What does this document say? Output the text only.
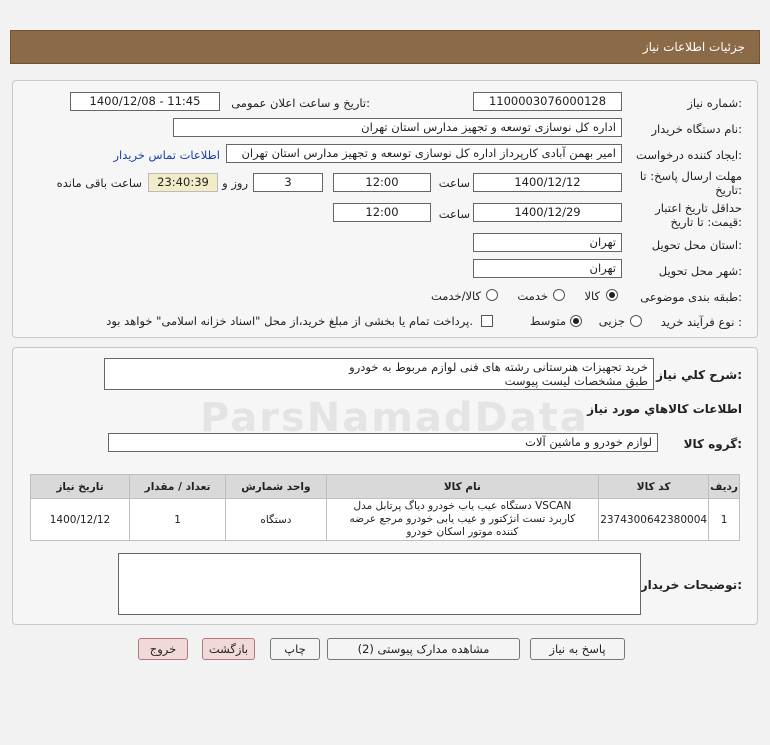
جزئیات اطلاعات نیاز
شماره نیاز:
1100003076000128
تاریخ و ساعت اعلان عمومی:
1400/12/08 - 11:45
نام دستگاه خریدار:
اداره کل نوسازی توسعه و تجهیز مدارس استان تهران
ایجاد کننده درخواست:
امیر بهمن آبادی کارپرداز اداره کل نوسازی توسعه و تجهیز مدارس استان تهران
اطلاعات تماس خریدار
مهلت ارسال پاسخ: تا
تاریخ:
1400/12/12
ساعت
12:00
3
روز و
23:40:39
ساعت باقی مانده
حداقل تاریخ اعتبار
قیمت: تا تاریخ:
1400/12/29
ساعت
12:00
استان محل تحویل:
تهران
شهر محل تحویل:
تهران
طبقه بندی موضوعی:
کالا
خدمت
کالا/خدمت
نوع فرآیند خرید :
جزیی
متوسط
پرداخت تمام یا بخشی از مبلغ خرید،از محل "اسناد خزانه اسلامی" خواهد بود.
شرح کلي نياز:
خرید تجهیزات هنرستانی رشته های فنی لوازم مربوط به خودرو
طبق مشخصات لیست پیوست
اطلاعات کالاهاي مورد نياز
گروه کالا:
لوازم خودرو و ماشین آلات
تاریخ نیاز	تعداد / مقدار	واحد شمارش	نام کالا	کد کالا	ردیف
1400/12/12	1	دستگاه	دستگاه عیب یاب خودرو دیاگ پرتابل مدل VSCAN کاربرد تست انژکتور و عیب یابی خودرو مرجع عرضه کننده موتور اسکان خودرو	2374300642380004	1
توضیحات خریدار:
پاسخ به نیاز
مشاهده مدارک پیوستی (2)
چاپ
بازگشت
خروج
